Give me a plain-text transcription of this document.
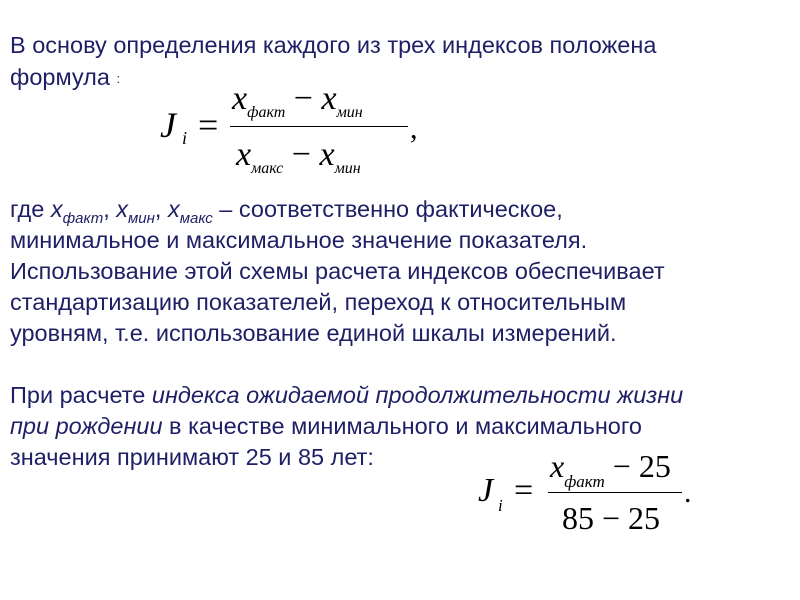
В основу определения каждого из трех индексов положена
формула :
J i =
$x_{факт} - x_{мин}$
$x_{макс} - x_{мин}$
,
где $x_{факт}$, $x_{мин}$, $x_{макс}$ – соответственно фактическое,
минимальное и максимальное значение показателя.
Использование этой схемы расчета индексов обеспечивает
стандартизацию показателей, переход к относительным
уровням, т.е. использование единой шкалы измерений.
При расчете индекса ожидаемой продолжительности жизни
при рождении в качестве минимального и максимального
значения принимают 25 и 85 лет:
J i =
$x_{факт} - 25$
85 − 25
.
